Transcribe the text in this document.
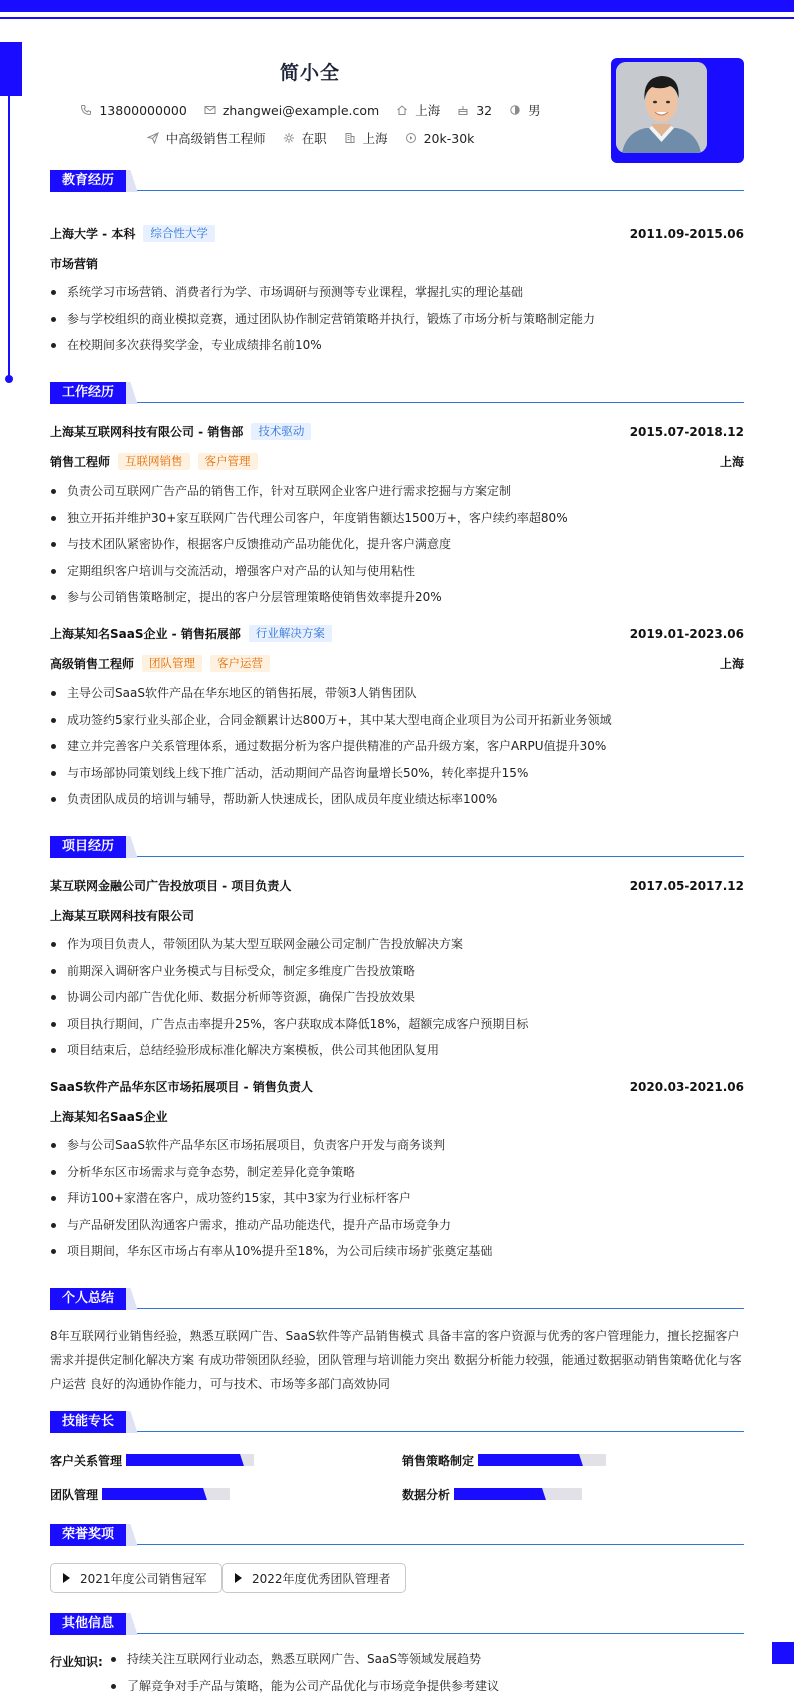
简小全
13800000000	zhangwei@example.com	上海	32	男
中高级销售工程师	在职	上海	20k-30k
教育经历
上海大学 - 本科	综合性大学	2011.09-2015.06
市场营销
系统学习市场营销、消费者行为学、市场调研与预测等专业课程，掌握扎实的理论基础
参与学校组织的商业模拟竞赛，通过团队协作制定营销策略并执行，锻炼了市场分析与策略制定能力
在校期间多次获得奖学金，专业成绩排名前10%
工作经历
上海某互联网科技有限公司 - 销售部	技术驱动	2015.07-2018.12
销售工程师	互联网销售	客户管理	上海
负责公司互联网广告产品的销售工作，针对互联网企业客户进行需求挖掘与方案定制
独立开拓并维护30+家互联网广告代理公司客户，年度销售额达1500万+，客户续约率超80%
与技术团队紧密协作，根据客户反馈推动产品功能优化，提升客户满意度
定期组织客户培训与交流活动，增强客户对产品的认知与使用粘性
参与公司销售策略制定，提出的客户分层管理策略使销售效率提升20%
上海某知名SaaS企业 - 销售拓展部	行业解决方案	2019.01-2023.06
高级销售工程师	团队管理	客户运营	上海
主导公司SaaS软件产品在华东地区的销售拓展，带领3人销售团队
成功签约5家行业头部企业，合同金额累计达800万+，其中某大型电商企业项目为公司开拓新业务领域
建立并完善客户关系管理体系，通过数据分析为客户提供精准的产品升级方案，客户ARPU值提升30%
与市场部协同策划线上线下推广活动，活动期间产品咨询量增长50%，转化率提升15%
负责团队成员的培训与辅导，帮助新人快速成长，团队成员年度业绩达标率100%
项目经历
某互联网金融公司广告投放项目 - 项目负责人	2017.05-2017.12
上海某互联网科技有限公司
作为项目负责人，带领团队为某大型互联网金融公司定制广告投放解决方案
前期深入调研客户业务模式与目标受众，制定多维度广告投放策略
协调公司内部广告优化师、数据分析师等资源，确保广告投放效果
项目执行期间，广告点击率提升25%，客户获取成本降低18%，超额完成客户预期目标
项目结束后，总结经验形成标准化解决方案模板，供公司其他团队复用
SaaS软件产品华东区市场拓展项目 - 销售负责人	2020.03-2021.06
上海某知名SaaS企业
参与公司SaaS软件产品华东区市场拓展项目，负责客户开发与商务谈判
分析华东区市场需求与竞争态势，制定差异化竞争策略
拜访100+家潜在客户，成功签约15家，其中3家为行业标杆客户
与产品研发团队沟通客户需求，推动产品功能迭代，提升产品市场竞争力
项目期间，华东区市场占有率从10%提升至18%，为公司后续市场扩张奠定基础
个人总结
8年互联网行业销售经验，熟悉互联网广告、SaaS软件等产品销售模式 具备丰富的客户资源与优秀的客户管理能力，擅长挖掘客户需求并提供定制化解决方案 有成功带领团队经验，团队管理与培训能力突出 数据分析能力较强，能通过数据驱动销售策略优化与客户运营 良好的沟通协作能力，可与技术、市场等多部门高效协同
技能专长
客户关系管理	销售策略制定
团队管理	数据分析
荣誉奖项
2021年度公司销售冠军	2022年度优秀团队管理者
其他信息
行业知识:	持续关注互联网行业动态，熟悉互联网广告、SaaS等领域发展趋势
了解竞争对手产品与策略，能为公司产品优化与市场竞争提供参考建议
